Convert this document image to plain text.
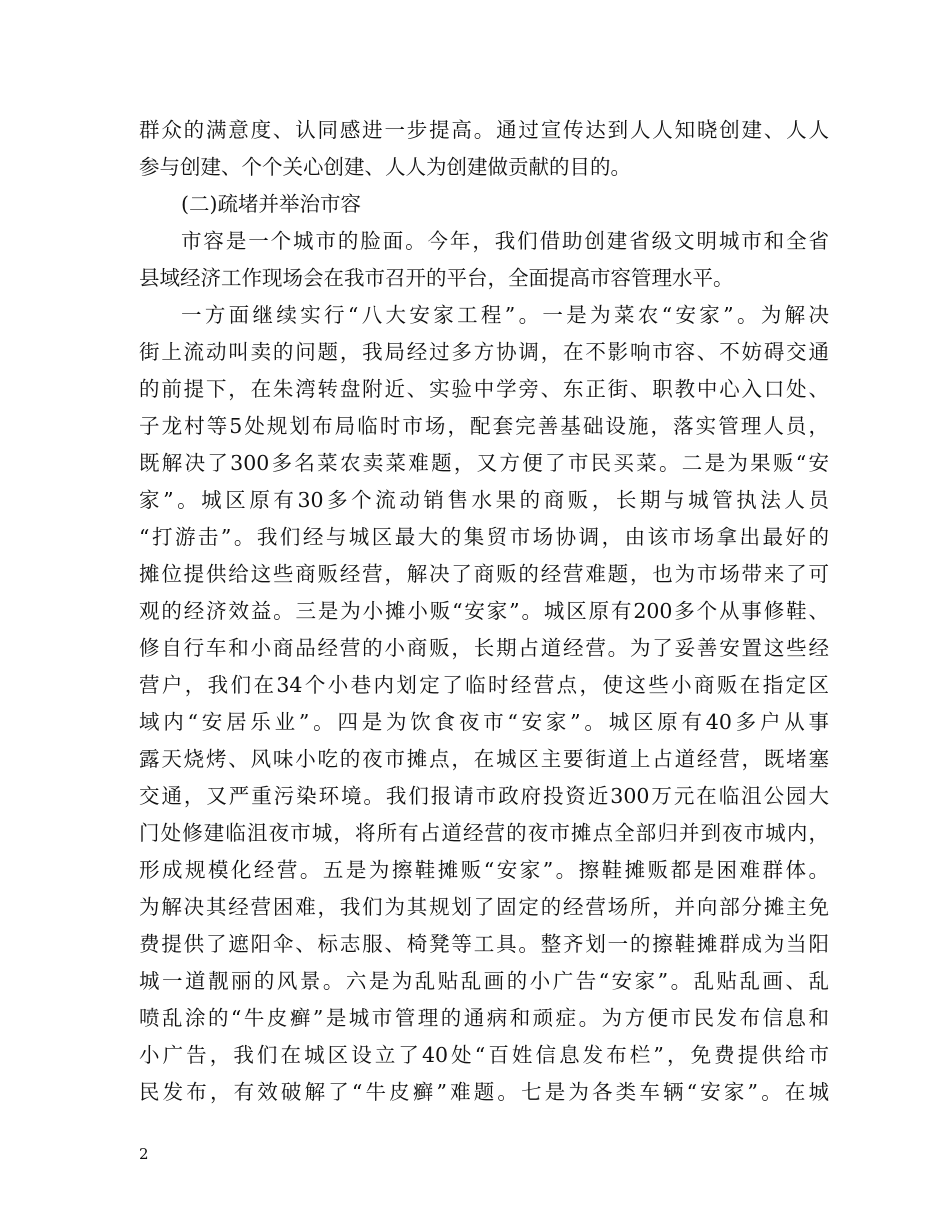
群众的满意度、认同感进一步提高。通过宣传达到人人知晓创建、人人
参与创建、个个关心创建、人人为创建做贡献的目的。
(二)疏堵并举治市容
市容是一个城市的脸面。今年，我们借助创建省级文明城市和全省
县域经济工作现场会在我市召开的平台，全面提高市容管理水平。
一方面继续实行“八大安家工程”。一是为菜农“安家”。为解决
街上流动叫卖的问题，我局经过多方协调，在不影响市容、不妨碍交通
的前提下，在朱湾转盘附近、实验中学旁、东正街、职教中心入口处、
子龙村等5处规划布局临时市场，配套完善基础设施，落实管理人员，
既解决了300多名菜农卖菜难题，又方便了市民买菜。二是为果贩“安
家”。城区原有30多个流动销售水果的商贩，长期与城管执法人员
“打游击”。我们经与城区最大的集贸市场协调，由该市场拿出最好的
摊位提供给这些商贩经营，解决了商贩的经营难题，也为市场带来了可
观的经济效益。三是为小摊小贩“安家”。城区原有200多个从事修鞋、
修自行车和小商品经营的小商贩，长期占道经营。为了妥善安置这些经
营户，我们在34个小巷内划定了临时经营点，使这些小商贩在指定区
域内“安居乐业”。四是为饮食夜市“安家”。城区原有40多户从事
露天烧烤、风味小吃的夜市摊点，在城区主要街道上占道经营，既堵塞
交通，又严重污染环境。我们报请市政府投资近300万元在临沮公园大
门处修建临沮夜市城，将所有占道经营的夜市摊点全部归并到夜市城内，
形成规模化经营。五是为擦鞋摊贩“安家”。擦鞋摊贩都是困难群体。
为解决其经营困难，我们为其规划了固定的经营场所，并向部分摊主免
费提供了遮阳伞、标志服、椅凳等工具。整齐划一的擦鞋摊群成为当阳
城一道靓丽的风景。六是为乱贴乱画的小广告“安家”。乱贴乱画、乱
喷乱涂的“牛皮癣”是城市管理的通病和顽症。为方便市民发布信息和
小广告，我们在城区设立了40处“百姓信息发布栏”，免费提供给市
民发布，有效破解了“牛皮癣”难题。七是为各类车辆“安家”。在城
2
